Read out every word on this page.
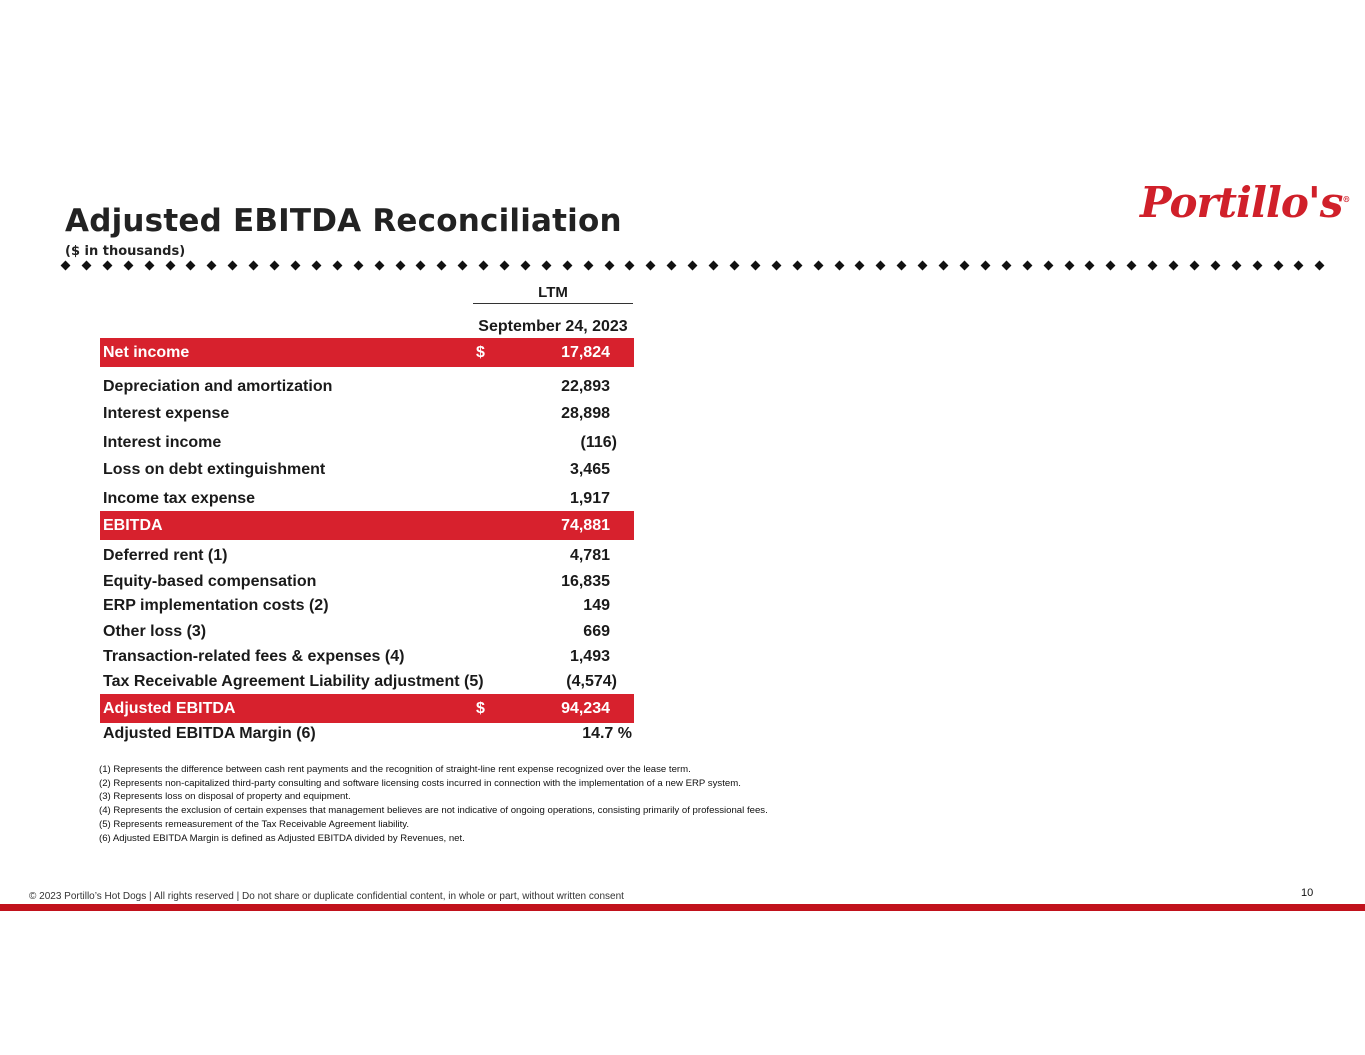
Adjusted EBITDA Reconciliation
($ in thousands)
Portillo's®
LTM
September 24, 2023
Net income	$	17,824
Depreciation and amortization	22,893
Interest expense	28,898
Interest income	(116)
Loss on debt extinguishment	3,465
Income tax expense	1,917
EBITDA	74,881
Deferred rent (1)	4,781
Equity-based compensation	16,835
ERP implementation costs (2)	149
Other loss (3)	669
Transaction-related fees & expenses (4)	1,493
Tax Receivable Agreement Liability adjustment (5)	(4,574)
Adjusted EBITDA	$	94,234
Adjusted EBITDA Margin (6)	14.7 %
(1) Represents the difference between cash rent payments and the recognition of straight-line rent expense recognized over the lease term.
(2) Represents non-capitalized third-party consulting and software licensing costs incurred in connection with the implementation of a new ERP system.
(3) Represents loss on disposal of property and equipment.
(4) Represents the exclusion of certain expenses that management believes are not indicative of ongoing operations, consisting primarily of professional fees.
(5) Represents remeasurement of the Tax Receivable Agreement liability.
(6) Adjusted EBITDA Margin is defined as Adjusted EBITDA divided by Revenues, net.
© 2023 Portillo’s Hot Dogs | All rights reserved | Do not share or duplicate confidential content, in whole or part, without written consent	10
